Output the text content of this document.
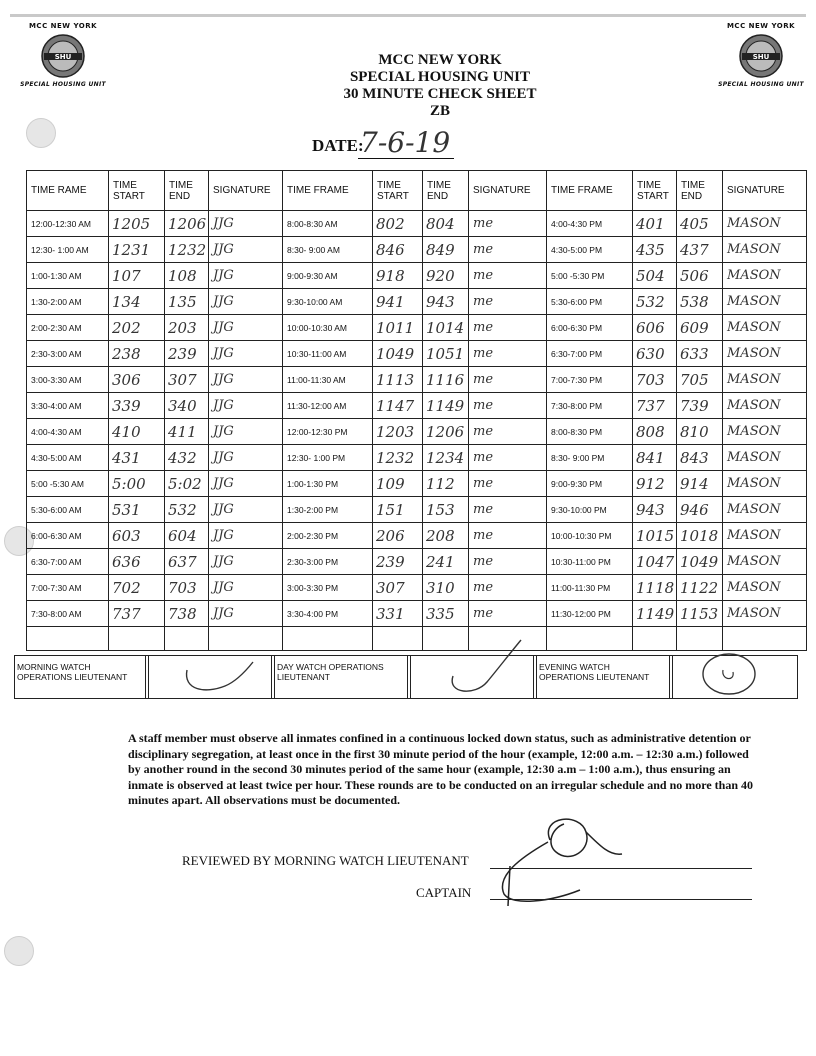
MCC NEW YORK
SHU
SPECIAL HOUSING UNIT
MCC NEW YORK
SHU
SPECIAL HOUSING UNIT
MCC NEW YORK
SPECIAL HOUSING UNIT
30 MINUTE CHECK SHEET
ZB
DATE:
7-6-19
TIME RAME	TIME START	TIME END	SIGNATURE	TIME FRAME	TIME START	TIME END	SIGNATURE	TIME FRAME	TIME START	TIME END	SIGNATURE
12:00-12:30 AM	1205	1206	JJG	8:00-8:30 AM	802	804	me	4:00-4:30 PM	401	405	MASON
12:30- 1:00 AM	1231	1232	JJG	8:30- 9:00 AM	846	849	me	4:30-5:00 PM	435	437	MASON
1:00-1:30 AM	107	108	JJG	9:00-9:30 AM	918	920	me	5:00 -5:30 PM	504	506	MASON
1:30-2:00 AM	134	135	JJG	9:30-10:00 AM	941	943	me	5:30-6:00 PM	532	538	MASON
2:00-2:30 AM	202	203	JJG	10:00-10:30 AM	1011	1014	me	6:00-6:30 PM	606	609	MASON
2:30-3:00 AM	238	239	JJG	10:30-11:00 AM	1049	1051	me	6:30-7:00 PM	630	633	MASON
3:00-3:30 AM	306	307	JJG	11:00-11:30 AM	1113	1116	me	7:00-7:30 PM	703	705	MASON
3:30-4:00 AM	339	340	JJG	11:30-12:00 AM	1147	1149	me	7:30-8:00 PM	737	739	MASON
4:00-4:30 AM	410	411	JJG	12:00-12:30 PM	1203	1206	me	8:00-8:30 PM	808	810	MASON
4:30-5:00 AM	431	432	JJG	12:30- 1:00 PM	1232	1234	me	8:30- 9:00 PM	841	843	MASON
5:00 -5:30 AM	5:00	5:02	JJG	1:00-1:30 PM	109	112	me	9:00-9:30 PM	912	914	MASON
5:30-6:00 AM	531	532	JJG	1:30-2:00 PM	151	153	me	9:30-10:00 PM	943	946	MASON
6:00-6:30 AM	603	604	JJG	2:00-2:30 PM	206	208	me	10:00-10:30 PM	1015	1018	MASON
6:30-7:00 AM	636	637	JJG	2:30-3:00 PM	239	241	me	10:30-11:00 PM	1047	1049	MASON
7:00-7:30 AM	702	703	JJG	3:00-3:30 PM	307	310	me	11:00-11:30 PM	1118	1122	MASON
7:30-8:00 AM	737	738	JJG	3:30-4:00 PM	331	335	me	11:30-12:00 PM	1149	1153	MASON

MORNING WATCH OPERATIONS LIEUTENANT
DAY WATCH OPERATIONS LIEUTENANT
EVENING WATCH OPERATIONS LIEUTENANT
A staff member must observe all inmates confined in a continuous locked down status, such as administrative detention or disciplinary segregation, at least once in the first 30 minute period of the hour (example, 12:00 a.m. – 12:30 a.m.) followed by another round in the second 30 minutes period of the same hour (example, 12:30 a.m – 1:00 a.m.), thus ensuring an inmate is observed at least twice per hour. These rounds are to be conducted on an irregular schedule and no more than 40 minutes apart. All observations must be documented.
REVIEWED BY MORNING WATCH LIEUTENANT
CAPTAIN
